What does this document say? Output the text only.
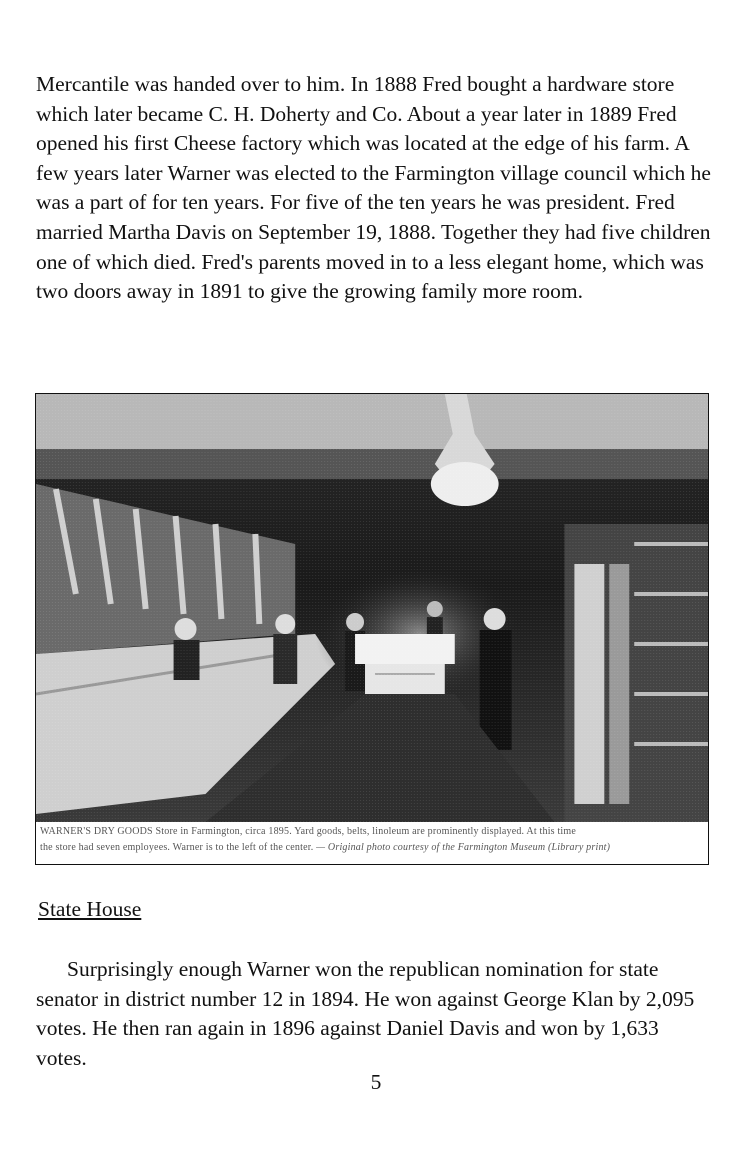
Mercantile was handed over to him. In 1888 Fred bought a hardware store which later became C. H. Doherty and Co. About a year later in 1889 Fred opened his first Cheese factory which was located at the edge of his farm. A few years later Warner was elected to the Farmington village council which he was a part of for ten years. For five of the ten years he was president. Fred married Martha Davis on September 19, 1888. Together they had five children one of which died. Fred's parents moved in to a less elegant home, which was two doors away in 1891 to give the growing family more room.

WARNER'S DRY GOODS Store in Farmington, circa 1895. Yard goods, belts, linoleum are prominently displayed. At this time
the store had seven employees. Warner is to the left of the center. — Original photo courtesy of the Farmington Museum (Library print)
State House

Surprisingly enough Warner won the republican nomination for state senator in district number 12 in 1894. He won against George Klan by 2,095 votes. He then ran again in 1896 against Daniel Davis and won by 1,633 votes.

5
